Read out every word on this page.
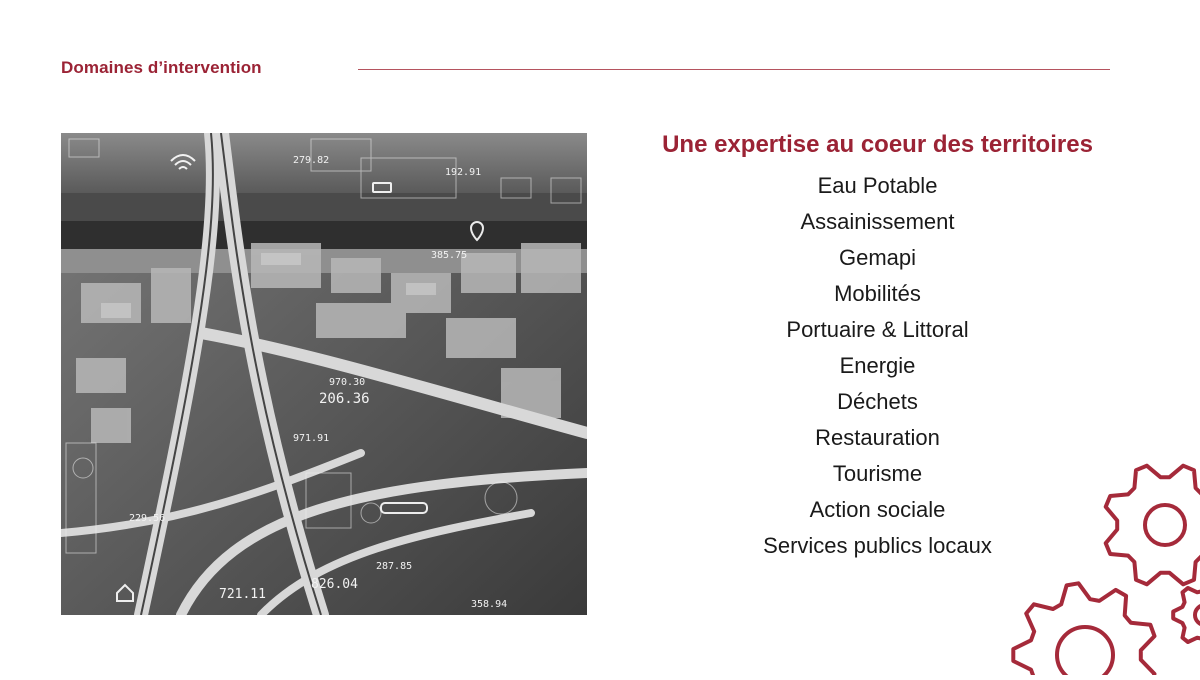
Domaines d’intervention
279.82
192.91
385.75
206.36
971.91
229.56
721.11
826.04
358.94
970.30
287.85
Une expertise au coeur des territoires
Eau Potable
Assainissement
Gemapi
Mobilités
Portuaire & Littoral
Energie
Déchets
Restauration
Tourisme
Action sociale
Services publics locaux
